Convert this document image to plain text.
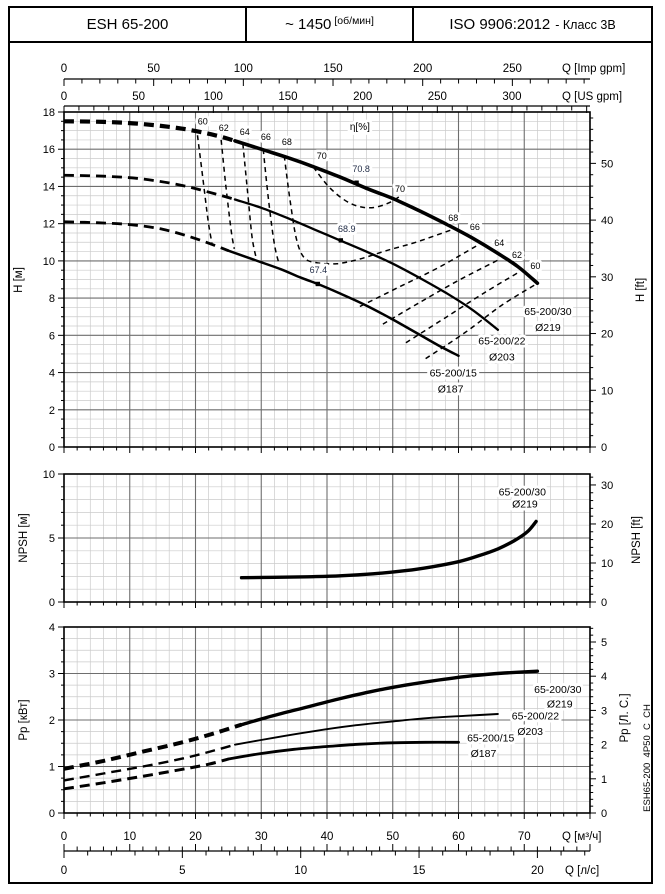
ESH 65-200	~ 1450 [об/мин]	ISO 9906:2012 - Класс 3В
0
2
4
6
8
10
12
14
16
18
0
10
20
30
40
50
60
62 64
66 68
η[%]
70
70.8
70
68
66
64
62
60
68.9
67.4
65-200/30
Ø219
65-200/22
Ø203
65-200/15
Ø187
0
5
10
0
10
20
30
65-200/30
Ø219
0
1
2
3
4
0
1
2
3
4
5
65-200/30
Ø219
65-200/22
Ø203
65-200/15
Ø187
0	50	100	150	200	250	Q [Imp gpm]
0	50	100	150	200	250	300	Q [US gpm]
0	10	20	30	40	50	60	70	Q [м³/ч]
0	5	10	15	20 Q [л/с]
H [м]	H [ft]
NPSH [м]	NPSH [ft]
Pp [кВт]	Pp [Л. С.] ESH65-200_4P50_C_CH
